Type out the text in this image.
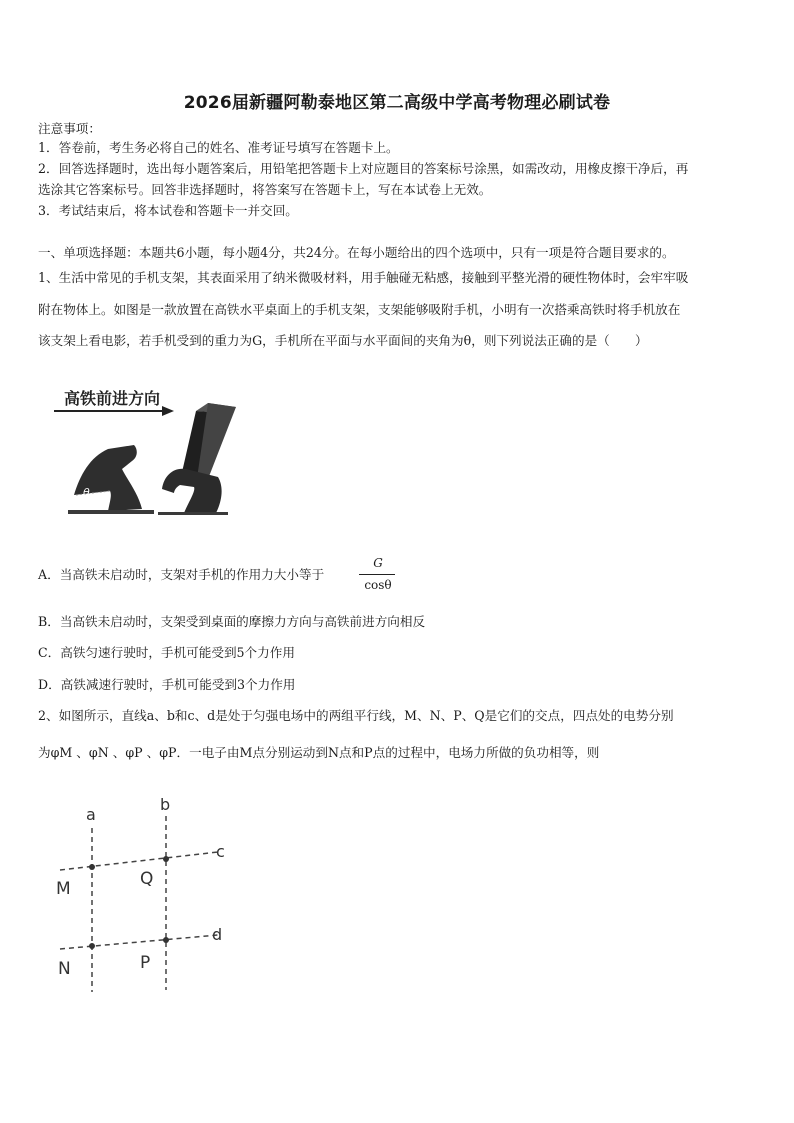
2026届新疆阿勒泰地区第二高级中学高考物理必刷试卷
注意事项：
1．答卷前，考生务必将自己的姓名、准考证号填写在答题卡上。
2．回答选择题时，选出每小题答案后，用铅笔把答题卡上对应题目的答案标号涂黑，如需改动，用橡皮擦干净后，再
选涂其它答案标号。回答非选择题时，将答案写在答题卡上，写在本试卷上无效。
3．考试结束后，将本试卷和答题卡一并交回。
一、单项选择题：本题共6小题，每小题4分，共24分。在每小题给出的四个选项中，只有一项是符合题目要求的。
1、生活中常见的手机支架，其表面采用了纳米微吸材料，用手触碰无粘感，接触到平整光滑的硬性物体时，会牢牢吸
附在物体上。如图是一款放置在高铁水平桌面上的手机支架，支架能够吸附手机，小明有一次搭乘高铁时将手机放在
该支架上看电影，若手机受到的重力为G，手机所在平面与水平面间的夹角为θ，则下列说法正确的是（　　）
高铁前进方向
θ
A．当高铁未启动时，支架对手机的作用力大小等于
G
cosθ
B．当高铁未启动时，支架受到桌面的摩擦力方向与高铁前进方向相反
C．高铁匀速行驶时，手机可能受到5个力作用
D．高铁减速行驶时，手机可能受到3个力作用
2、如图所示，直线a、b和c、d是处于匀强电场中的两组平行线，M、N、P、Q是它们的交点，四点处的电势分别
为φM 、φN 、φP 、φP．一电子由M点分别运动到N点和P点的过程中，电场力所做的负功相等，则
a
b
c
d
M	Q
N	P
